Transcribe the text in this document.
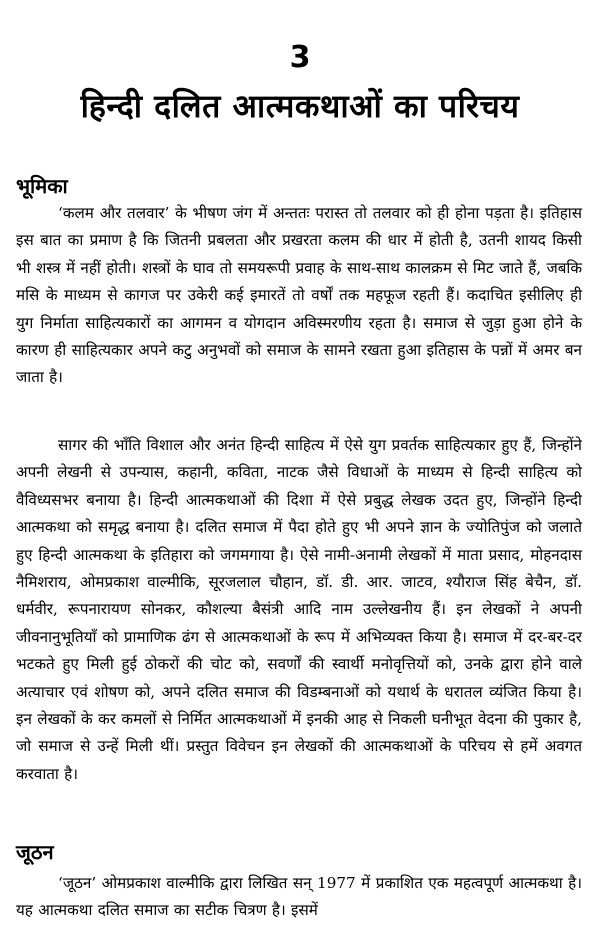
3
हिन्दी दलित आत्मकथाओं का परिचय
भूमिका

‘कलम और तलवार’ के भीषण जंग में अन्ततः परास्त तो तलवार को ही होना पड़ता है। इतिहास इस बात का प्रमाण है कि जितनी प्रबलता और प्रखरता कलम की धार में होती है, उतनी शायद किसी भी शस्त्र में नहीं होती। शस्त्रों के घाव तो समयरूपी प्रवाह के साथ-साथ कालक्रम से मिट जाते हैं, जबकि मसि के माध्यम से कागज पर उकेरी कई इमारतें तो वर्षों तक महफूज रहती हैं। कदाचित इसीलिए ही युग निर्माता साहित्यकारों का आगमन व योगदान अविस्मरणीय रहता है। समाज से जुड़ा हुआ होने के कारण ही साहित्यकार अपने कटु अनुभवों को समाज के सामने रखता हुआ इतिहास के पन्नों में अमर बन जाता है।

सागर की भाँति विशाल और अनंत हिन्दी साहित्य में ऐसे युग प्रवर्तक साहित्यकार हुए हैं, जिन्होंने अपनी लेखनी से उपन्यास, कहानी, कविता, नाटक जैसे विधाओं के माध्यम से हिन्दी साहित्य को वैविध्यसभर बनाया है। हिन्दी आत्मकथाओं की दिशा में ऐसे प्रबुद्ध लेखक उदत हुए, जिन्होंने हिन्दी आत्मकथा को समृद्ध बनाया है। दलित समाज में पैदा होते हुए भी अपने ज्ञान के ज्योतिपुंज को जलाते हुए हिन्दी आत्मकथा के इतिहारा को जगमगाया है। ऐसे नामी-अनामी लेखकों में माता प्रसाद, मोहनदास नैमिशराय, ओमप्रकाश वाल्मीकि, सूरजलाल चौहान, डॉ. डी. आर. जाटव, श्यौराज सिंह बेचैन, डॉ. धर्मवीर, रूपनारायण सोनकर, कौशल्या बैसंत्री आदि नाम उल्लेखनीय हैं। इन लेखकों ने अपनी जीवनानुभूतियाँ को प्रामाणिक ढंग से आत्मकथाओं के रूप में अभिव्यक्त किया है। समाज में दर-बर-दर भटकते हुए मिली हुई ठोकरों की चोट को, सवर्णों की स्वार्थी मनोवृत्तियों को, उनके द्वारा होने वाले अत्याचार एवं शोषण को, अपने दलित समाज की विडम्बनाओं को यथार्थ के धरातल व्यंजित किया है। इन लेखकों के कर कमलों से निर्मित आत्मकथाओं में इनकी आह से निकली घनीभूत वेदना की पुकार है, जो समाज से उन्हें मिली थीं। प्रस्तुत विवेचन इन लेखकों की आत्मकथाओं के परिचय से हमें अवगत करवाता है।

जूठन

‘जूठन’ ओमप्रकाश वाल्मीकि द्वारा लिखित सन् 1977 में प्रकाशित एक महत्वपूर्ण आत्मकथा है। यह आत्मकथा दलित समाज का सटीक चित्रण है। इसमें
